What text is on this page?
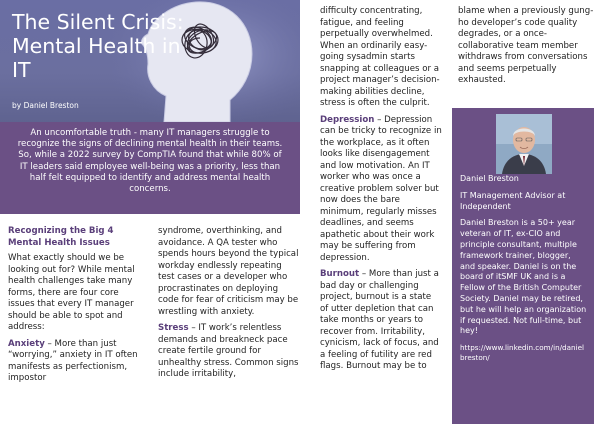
The Silent Crisis: Mental Health in IT
by Daniel Breston
An uncomfortable truth - many IT managers struggle to recognize the signs of declining mental health in their teams. So, while a 2022 survey by CompTIA found that while 80% of IT leaders said employee well-being was a priority, less than half felt equipped to identify and address mental health concerns.
Recognizing the Big 4 Mental Health Issues

What exactly should we be looking out for? While mental health challenges take many forms, there are four core issues that every IT manager should be able to spot and address:

Anxiety – More than just “worrying,” anxiety in IT often manifests as perfectionism, impostor

syndrome, overthinking, and avoidance. A QA tester who spends hours beyond the typical workday endlessly repeating test cases or a developer who procrastinates on deploying code for fear of criticism may be wrestling with anxiety.

Stress – IT work’s relentless demands and breakneck pace create fertile ground for unhealthy stress. Common signs include irritability,

difficulty concentrating, fatigue, and feeling perpetually overwhelmed.

When an ordinarily easy-going sysadmin starts snapping at colleagues or a project manager’s decision-making abilities decline, stress is often the culprit.

Depression – Depression can be tricky to recognize in the workplace, as it often looks like disengagement and low motivation. An IT worker who was once a creative problem solver but now does the bare minimum, regularly misses deadlines, and seems apathetic about their work may be suffering from depression.

Burnout – More than just a bad day or challenging project, burnout is a state of utter depletion that can take months or years to recover from. Irritability, cynicism, lack of focus, and a feeling of futility are red flags. Burnout may be to

blame when a previously gung-ho developer’s code quality degrades, or a once-collaborative team member withdraws from conversations and seems perpetually exhausted.

Daniel Breston

IT Management Advisor at Independent

Daniel Breston is a 50+ year veteran of IT, ex-CIO and principle consultant, multiple framework trainer, blogger, and speaker. Daniel is on the board of itSMF UK and is a Fellow of the British Computer Society. Daniel may be retired, but he will help an organization if requested. Not full-time, but hey!

https://www.linkedin.com/in/danielbreston/
